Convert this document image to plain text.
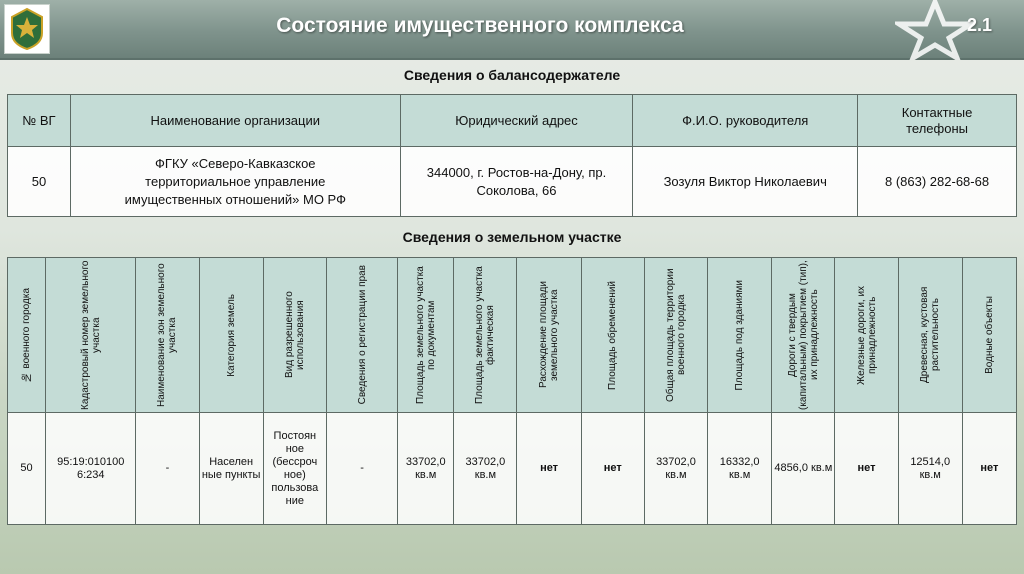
Состояние имущественного комплекса	2.1
Сведения о балансодержателе
№ ВГ	Наименование организации	Юридический адрес	Ф.И.О. руководителя	Контактные телефоны
50	ФГКУ «Северо-Кавказское территориальное управление имущественных отношений» МО РФ	344000, г. Ростов-на-Дону, пр. Соколова, 66	Зозуля Виктор Николаевич	8 (863) 282-68-68
Сведения о земельном участке
№ военного городка	Кадастровый номер земельного участка	Наименование зон земельного участка	Категория земель	Вид разрешенного использования	Сведения о регистрации прав	Площадь земельного участка по документам	Площадь земельного участка фактическая	Расхождение площади земельного участка	Площадь обременений	Общая площадь территории военного городка	Площадь под зданиями	Дороги с твердым (капитальным) покрытием (тип), их принадлежность	Железные дороги, их принадлежность	Древесная, кустовая растительность	Водные объекты

50	95:19:010100 6:234	-	Населен ные пункты	Постоян ное (бессроч ное) пользова ние	-	33702,0 кв.м	33702,0 кв.м	нет	нет	33702,0 кв.м	16332,0 кв.м	4856,0 кв.м	нет	12514,0 кв.м	нет
